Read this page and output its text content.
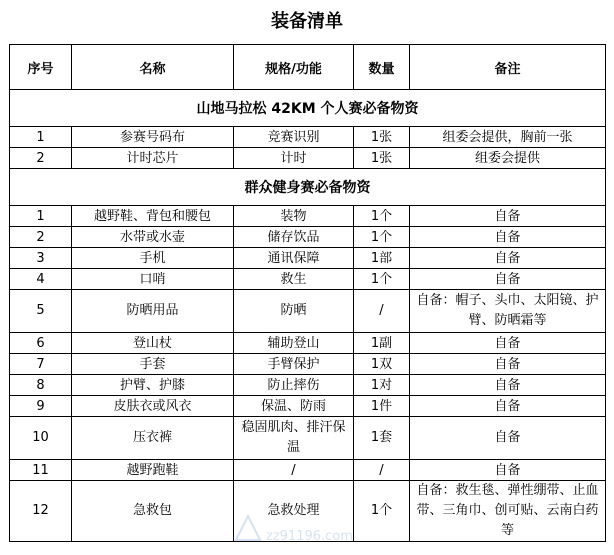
装备清单
序号	名称	规格/功能	数量	备注
山地马拉松 42KM 个人赛必备物资				
1	参赛号码布	竞赛识别	1张	组委会提供，胸前一张
2	计时芯片	计时	1张	组委会提供
群众健身赛必备物资				
1	越野鞋、背包和腰包	装物	1个	自备
2	水带或水壶	储存饮品	1个	自备
3	手机	通讯保障	1部	自备
4	口哨	救生	1个	自备
5	防晒用品	防晒	/	自备：帽子、头巾、太阳镜、护臂、防晒霜等
6	登山杖	辅助登山	1副	自备
7	手套	手臂保护	1双	自备
8	护臂、护膝	防止摔伤	1对	自备
9	皮肤衣或风衣	保温、防雨	1件	自备
10	压衣裤	稳固肌肉、排汗保温	1套	自备
11	越野跑鞋	/	/	自备
12	急救包	急救处理	1个	自备：救生毯、弹性绷带、止血带、三角巾、创可贴、云南白药等
zz91196.com
